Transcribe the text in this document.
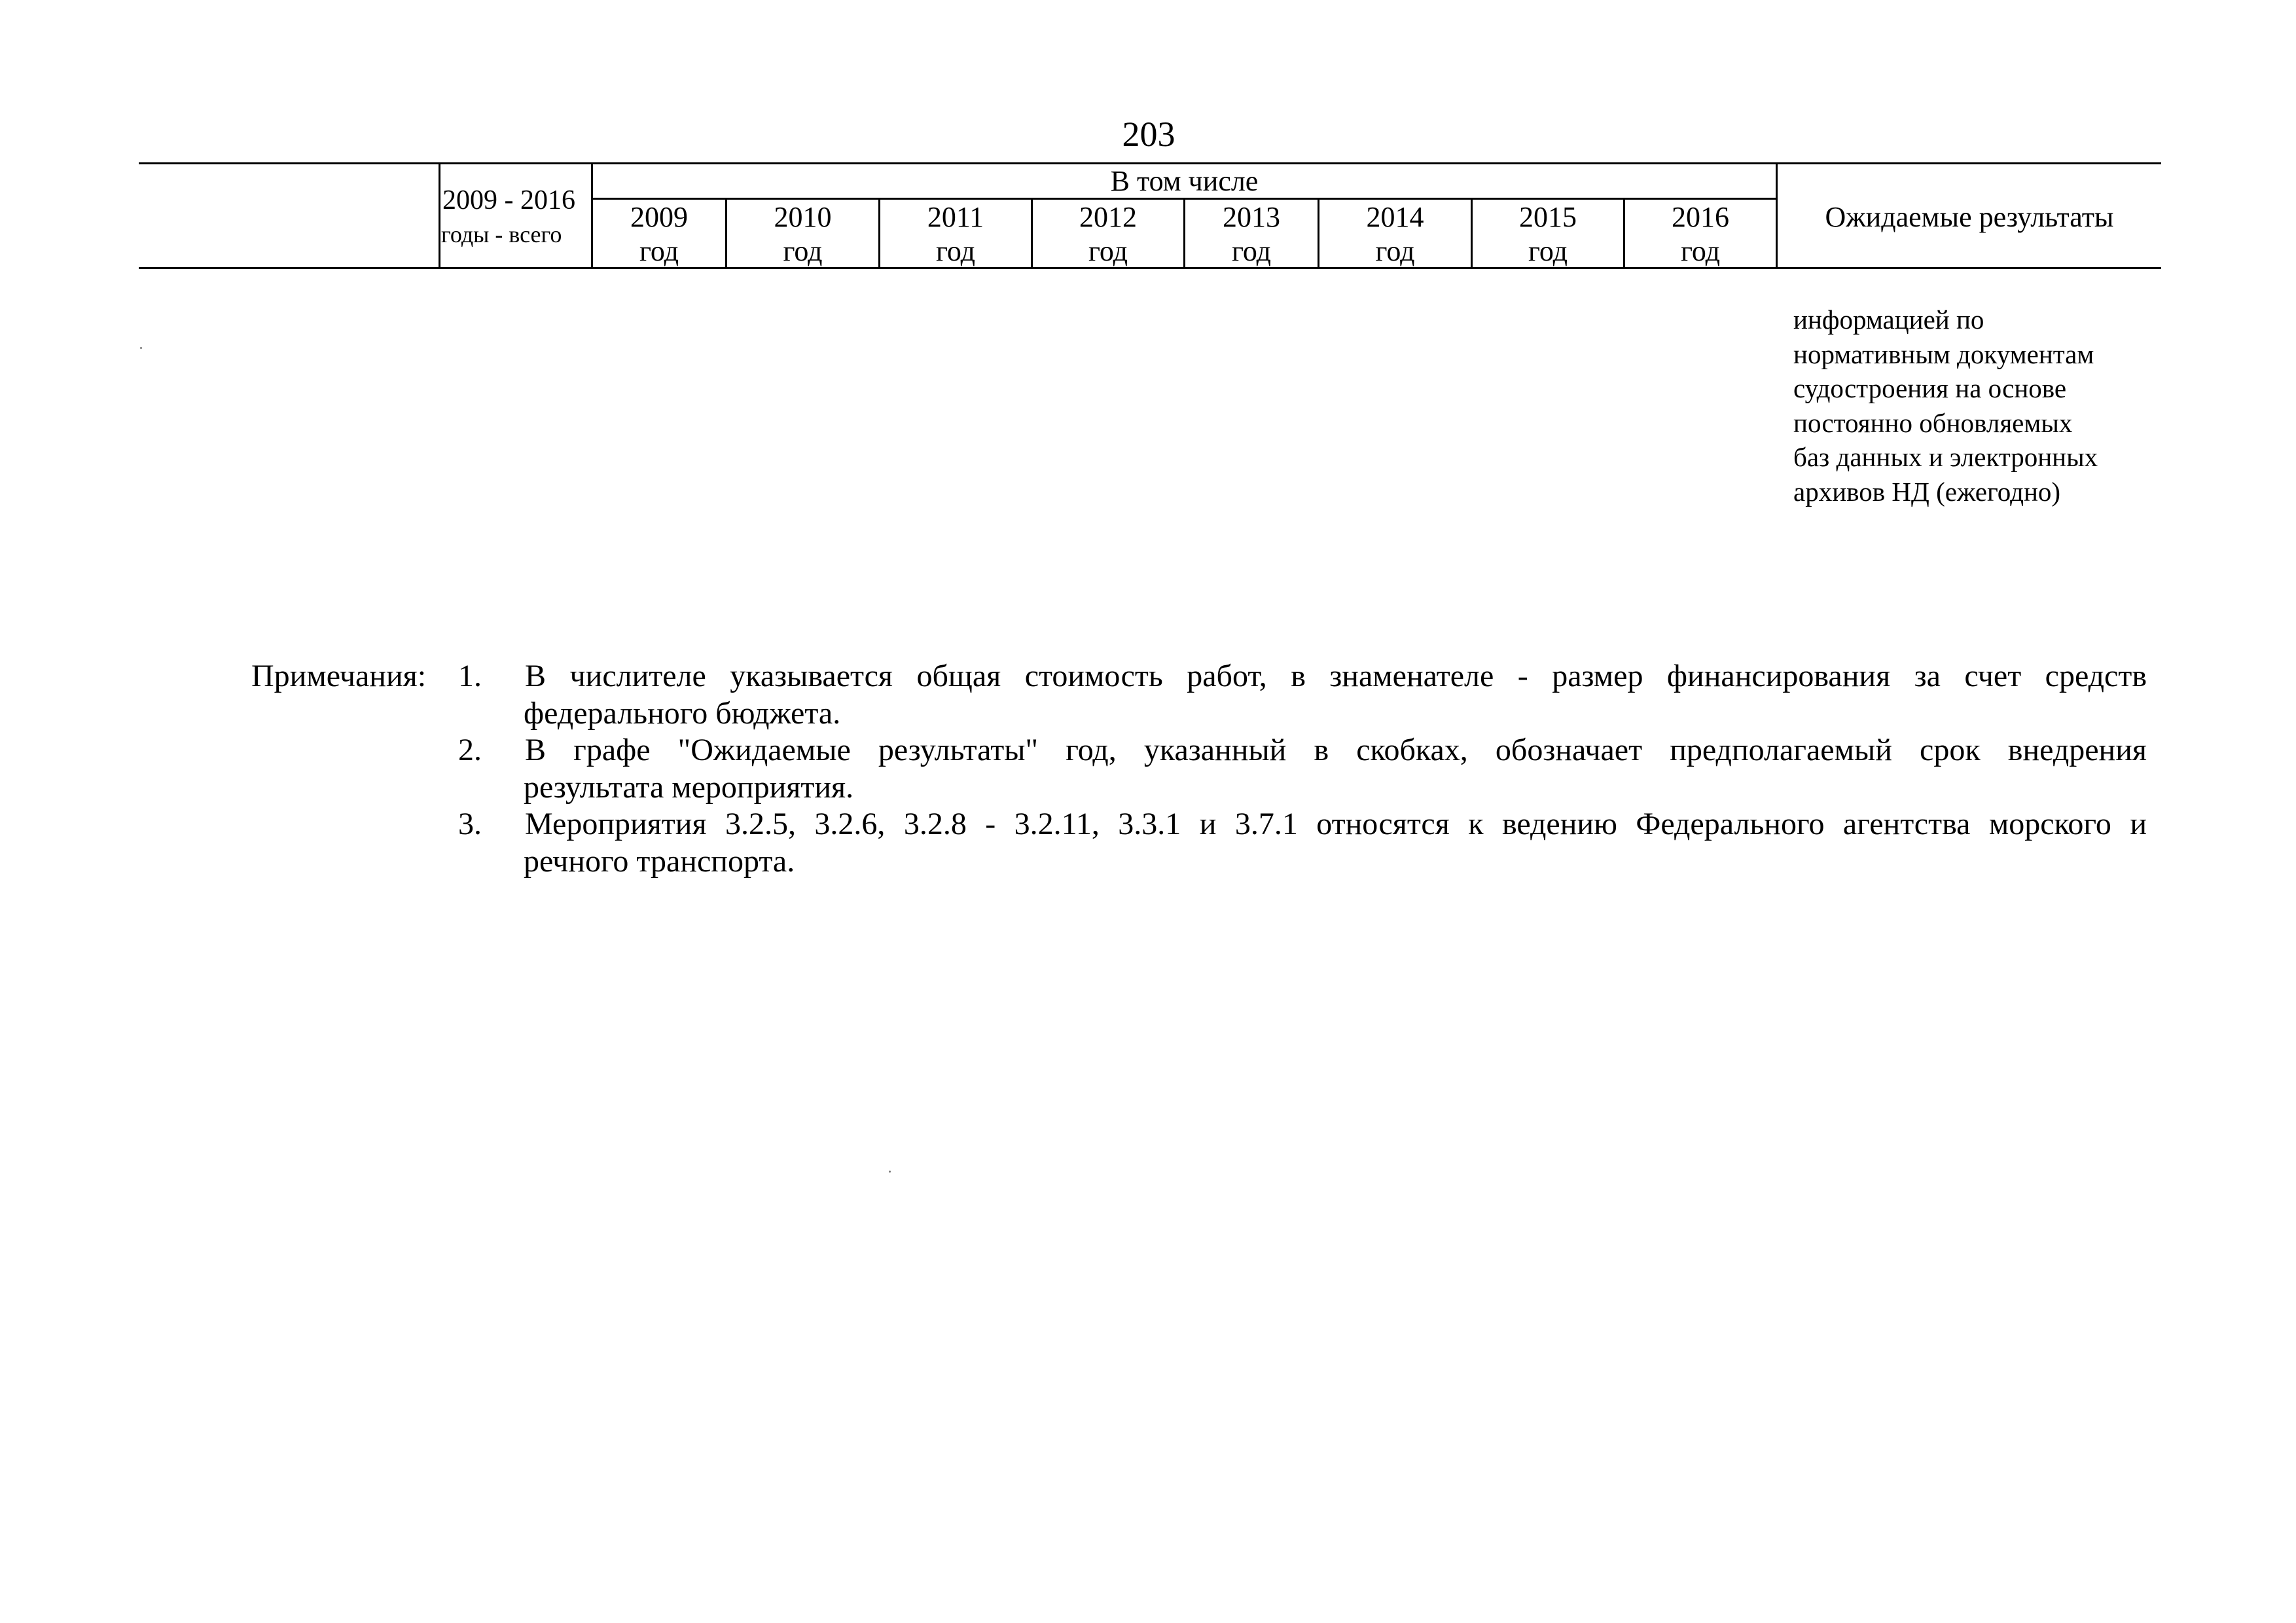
203
2009 - 2016
годы - всего
В том числе
2009
год
2010
год
2011
год
2012
год
2013
год
2014
год
2015
год
2016
год
Ожидаемые результаты
информацией по
нормативным документам
судостроения на основе
постоянно обновляемых
баз данных и электронных
архивов НД (ежегодно)
Примечания: 1. В числителе указывается общая стоимость работ, в знаменателе - размер финансирования за счет средств
федерального бюджета.
2. В графе "Ожидаемые результаты" год, указанный в скобках, обозначает предполагаемый срок внедрения
результата мероприятия.
3. Мероприятия 3.2.5, 3.2.6, 3.2.8 - 3.2.11, 3.3.1 и 3.7.1 относятся к ведению Федерального агентства морского и
речного транспорта.
